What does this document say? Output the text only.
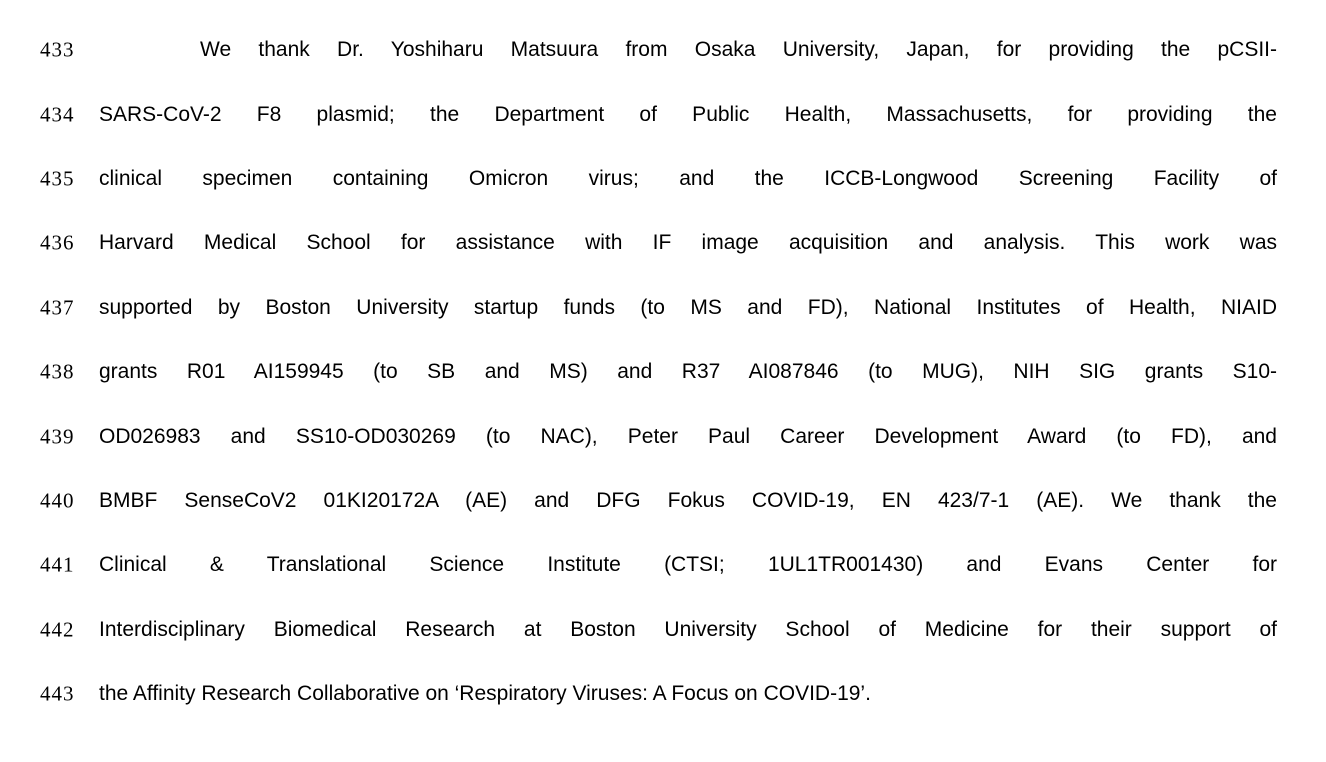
433	We thank Dr. Yoshiharu Matsuura from Osaka University, Japan, for providing the pCSII-
434 SARS-CoV-2 F8 plasmid; the Department of Public Health, Massachusetts, for providing the
435 clinical specimen containing Omicron virus; and the ICCB-Longwood Screening Facility of
436 Harvard Medical School for assistance with IF image acquisition and analysis. This work was
437 supported by Boston University startup funds (to MS and FD), National Institutes of Health, NIAID
438 grants R01 AI159945 (to SB and MS) and R37 AI087846 (to MUG), NIH SIG grants S10-
439 OD026983 and SS10-OD030269 (to NAC), Peter Paul Career Development Award (to FD), and
440 BMBF SenseCoV2 01KI20172A (AE) and DFG Fokus COVID-19, EN 423/7-1 (AE). We thank the
441 Clinical & Translational Science Institute (CTSI; 1UL1TR001430) and Evans Center for
442 Interdisciplinary Biomedical Research at Boston University School of Medicine for their support of
443 the Affinity Research Collaborative on ‘Respiratory Viruses: A Focus on COVID-19’.
